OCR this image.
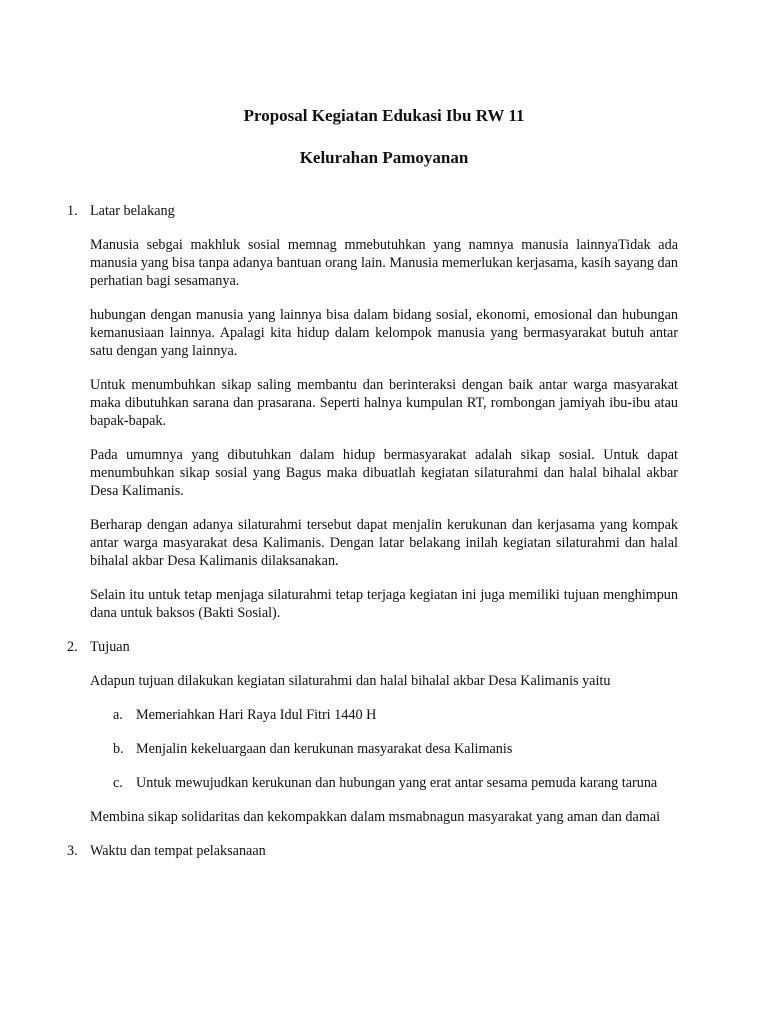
Proposal Kegiatan Edukasi Ibu RW 11
Kelurahan Pamoyanan
1. Latar belakang

Manusia sebgai makhluk sosial memnag mmebutuhkan yang namnya manusia lainnyaTidak ada manusia yang bisa tanpa adanya bantuan orang lain. Manusia memerlukan kerjasama, kasih sayang dan perhatian bagi sesamanya.

hubungan dengan manusia yang lainnya bisa dalam bidang sosial, ekonomi, emosional dan hubungan kemanusiaan lainnya. Apalagi kita hidup dalam kelompok manusia yang bermasyarakat butuh antar satu dengan yang lainnya.

Untuk menumbuhkan sikap saling membantu dan berinteraksi dengan baik antar warga masyarakat maka dibutuhkan sarana dan prasarana. Seperti halnya kumpulan RT, rombongan jamiyah ibu-ibu atau bapak-bapak.

Pada umumnya yang dibutuhkan dalam hidup bermasyarakat adalah sikap sosial. Untuk dapat menumbuhkan sikap sosial yang Bagus maka dibuatlah kegiatan silaturahmi dan halal bihalal akbar Desa Kalimanis.

Berharap dengan adanya silaturahmi tersebut dapat menjalin kerukunan dan kerjasama yang kompak antar warga masyarakat desa Kalimanis. Dengan latar belakang inilah kegiatan silaturahmi dan halal bihalal akbar Desa Kalimanis dilaksanakan.

Selain itu untuk tetap menjaga silaturahmi tetap terjaga kegiatan ini juga memiliki tujuan menghimpun dana untuk baksos (Bakti Sosial).

2. Tujuan

Adapun tujuan dilakukan kegiatan silaturahmi dan halal bihalal akbar Desa Kalimanis yaitu

a. Memeriahkan Hari Raya Idul Fitri 1440 H
b. Menjalin kekeluargaan dan kerukunan masyarakat desa Kalimanis
c. Untuk mewujudkan kerukunan dan hubungan yang erat antar sesama pemuda karang taruna

Membina sikap solidaritas dan kekompakkan dalam msmabnagun masyarakat yang aman dan damai

3. Waktu dan tempat pelaksanaan
